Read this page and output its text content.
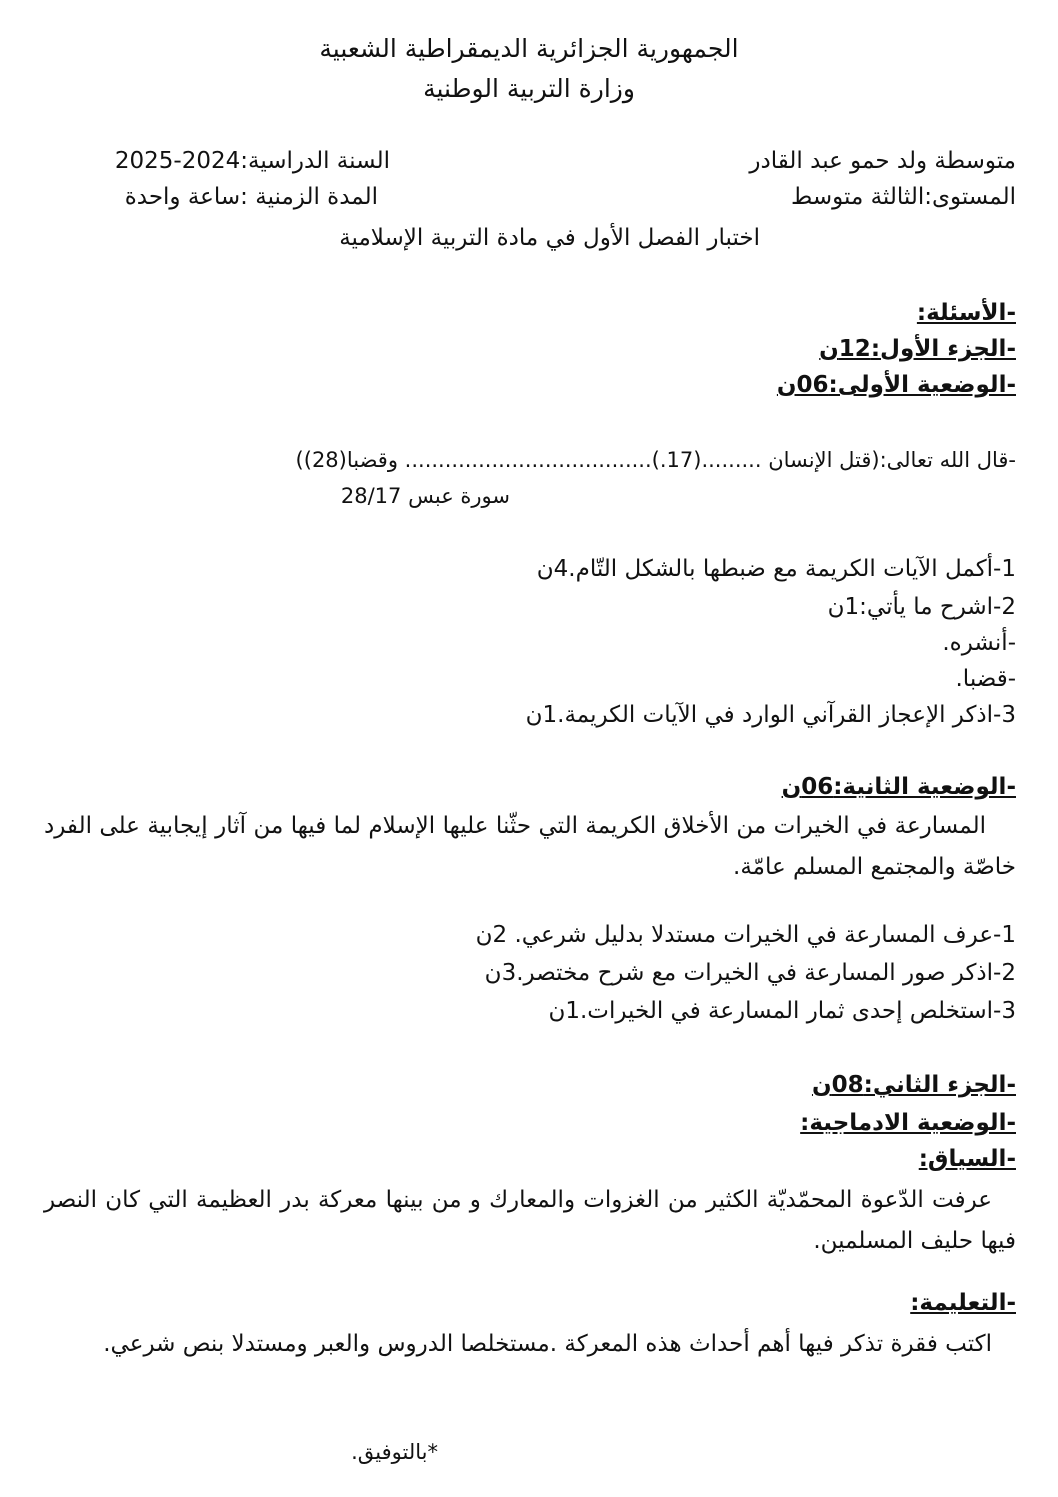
الجمهورية الجزائرية الديمقراطية الشعبية
وزارة التربية الوطنية
متوسطة ولد حمو عبد القادر
السنة الدراسية:2024-2025
المستوى:الثالثة متوسط
المدة الزمنية :ساعة واحدة
اختبار الفصل الأول في مادة التربية الإسلامية
-الأسئلة:
-الجزء الأول:12ن
-الوضعية الأولى:06ن
-قال الله تعالى:(قتل الإنسان .........(17.)..................................... وقضبا(28))
سورة عبس 28/17
1-أكمل الآيات الكريمة مع ضبطها بالشكل التّام.4ن
2-اشرح ما يأتي:1ن
-أنشره.
-قضبا.
3-اذكر الإعجاز القرآني الوارد في الآيات الكريمة.1ن
-الوضعية الثانية:06ن
المسارعة في الخيرات من الأخلاق الكريمة التي حثّنا عليها الإسلام لما فيها من آثار إيجابية على الفرد خاصّة والمجتمع المسلم عامّة.
1-عرف المسارعة في الخيرات مستدلا بدليل شرعي. 2ن
2-اذكر صور المسارعة في الخيرات مع شرح مختصر.3ن
3-استخلص إحدى ثمار المسارعة في الخيرات.1ن
-الجزء الثاني:08ن
-الوضعية الادماجية:
-السياق:
عرفت الدّعوة المحمّديّة الكثير من الغزوات والمعارك و من بينها معركة بدر العظيمة التي كان النصر فيها حليف المسلمين.
-التعليمة:
اكتب فقرة تذكر فيها أهم أحداث هذه المعركة .مستخلصا الدروس والعبر ومستدلا بنص شرعي.
*بالتوفيق.
